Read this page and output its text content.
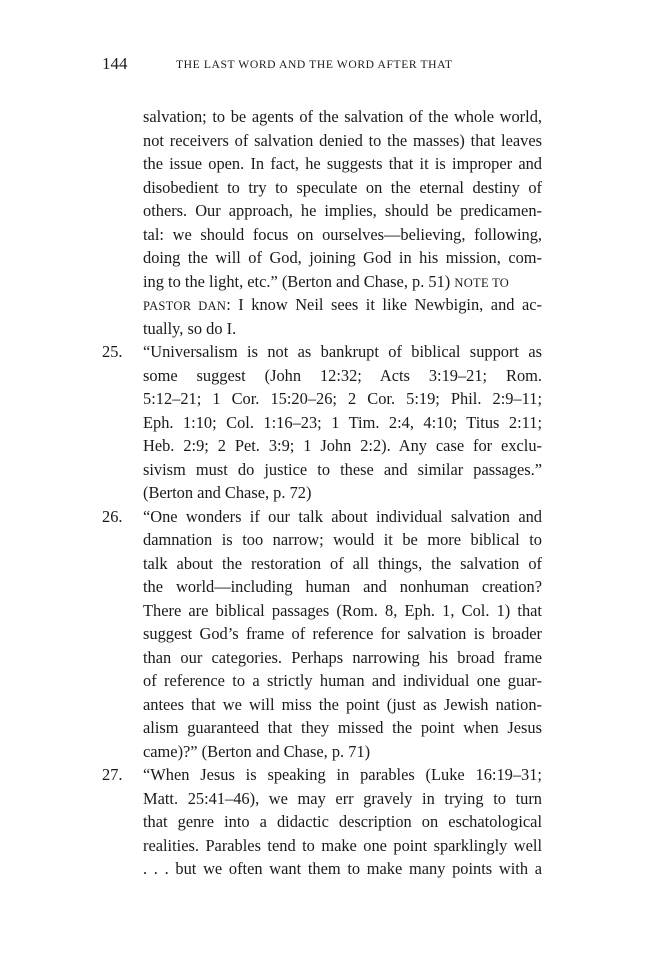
144	THE LAST WORD AND THE WORD AFTER THAT
salvation; to be agents of the salvation of the whole world,
not receivers of salvation denied to the masses) that leaves
the issue open. In fact, he suggests that it is improper and
disobedient to try to speculate on the eternal destiny of
others. Our approach, he implies, should be predicamen-
tal: we should focus on ourselves—believing, following,
doing the will of God, joining God in his mission, com-
ing to the light, etc.” (Berton and Chase, p. 51) NOTE TO
PASTOR DAN: I know Neil sees it like Newbigin, and ac-
tually, so do I.
25. “Universalism is not as bankrupt of biblical support as
some suggest (John 12:32; Acts 3:19–21; Rom.
5:12–21; 1 Cor. 15:20–26; 2 Cor. 5:19; Phil. 2:9–11;
Eph. 1:10; Col. 1:16–23; 1 Tim. 2:4, 4:10; Titus 2:11;
Heb. 2:9; 2 Pet. 3:9; 1 John 2:2). Any case for exclu-
sivism must do justice to these and similar passages.”
(Berton and Chase, p. 72)
26. “One wonders if our talk about individual salvation and
damnation is too narrow; would it be more biblical to
talk about the restoration of all things, the salvation of
the world—including human and nonhuman creation?
There are biblical passages (Rom. 8, Eph. 1, Col. 1) that
suggest God’s frame of reference for salvation is broader
than our categories. Perhaps narrowing his broad frame
of reference to a strictly human and individual one guar-
antees that we will miss the point (just as Jewish nation-
alism guaranteed that they missed the point when Jesus
came)?” (Berton and Chase, p. 71)
27. “When Jesus is speaking in parables (Luke 16:19–31;
Matt. 25:41–46), we may err gravely in trying to turn
that genre into a didactic description on eschatological
realities. Parables tend to make one point sparklingly well
. . . but we often want them to make many points with a
